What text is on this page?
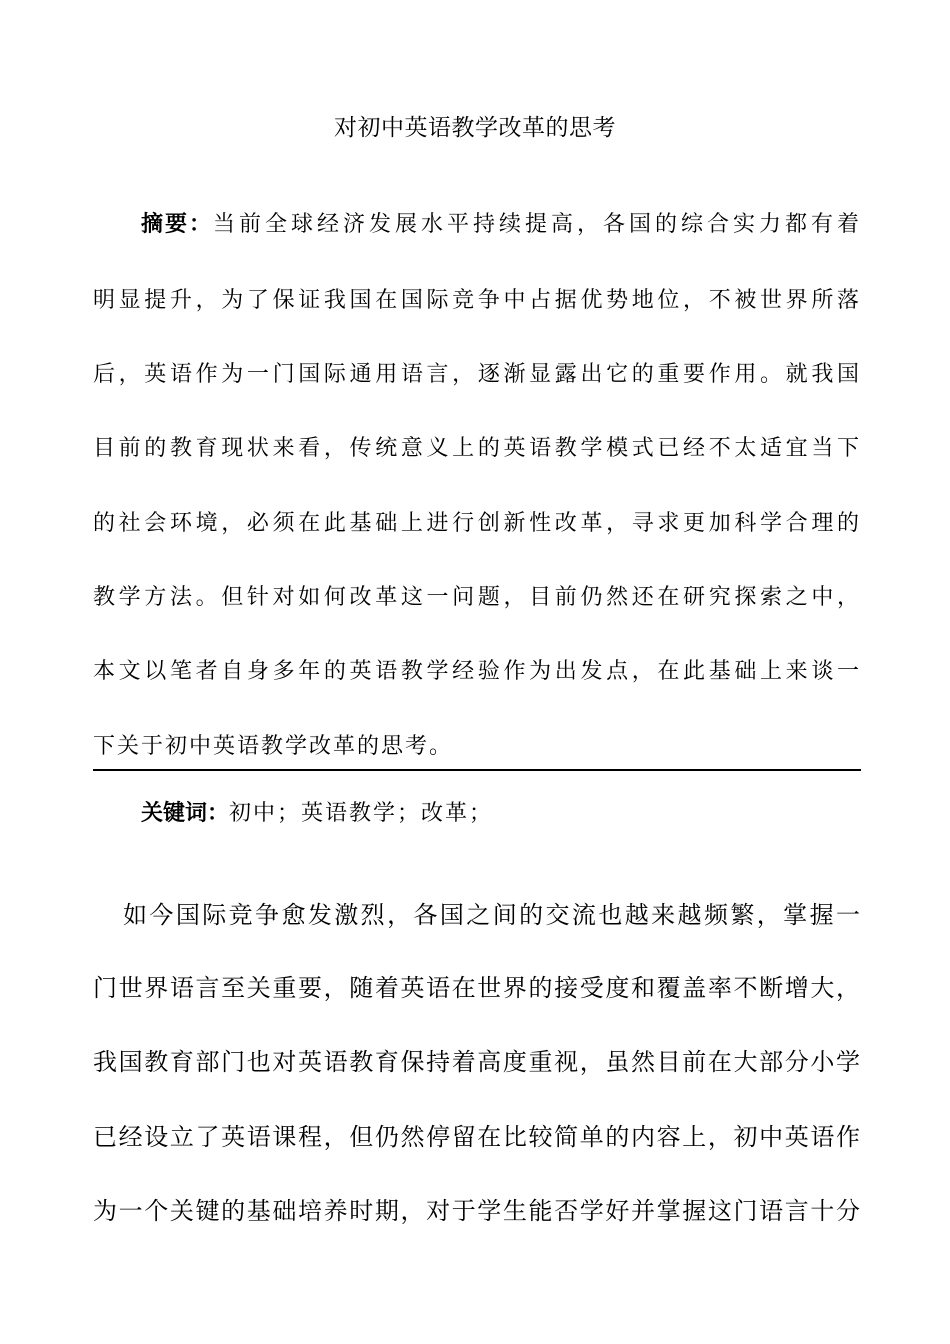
对初中英语教学改革的思考
摘要：当前全球经济发展水平持续提高，各国的综合实力都有着
明显提升，为了保证我国在国际竞争中占据优势地位，不被世界所落
后，英语作为一门国际通用语言，逐渐显露出它的重要作用。就我国
目前的教育现状来看，传统意义上的英语教学模式已经不太适宜当下
的社会环境，必须在此基础上进行创新性改革，寻求更加科学合理的
教学方法。但针对如何改革这一问题，目前仍然还在研究探索之中，
本文以笔者自身多年的英语教学经验作为出发点，在此基础上来谈一
下关于初中英语教学改革的思考。
关键词：初中；英语教学；改革；
如今国际竞争愈发激烈，各国之间的交流也越来越频繁，掌握一
门世界语言至关重要，随着英语在世界的接受度和覆盖率不断增大，
我国教育部门也对英语教育保持着高度重视，虽然目前在大部分小学
已经设立了英语课程，但仍然停留在比较简单的内容上，初中英语作
为一个关键的基础培养时期，对于学生能否学好并掌握这门语言十分
